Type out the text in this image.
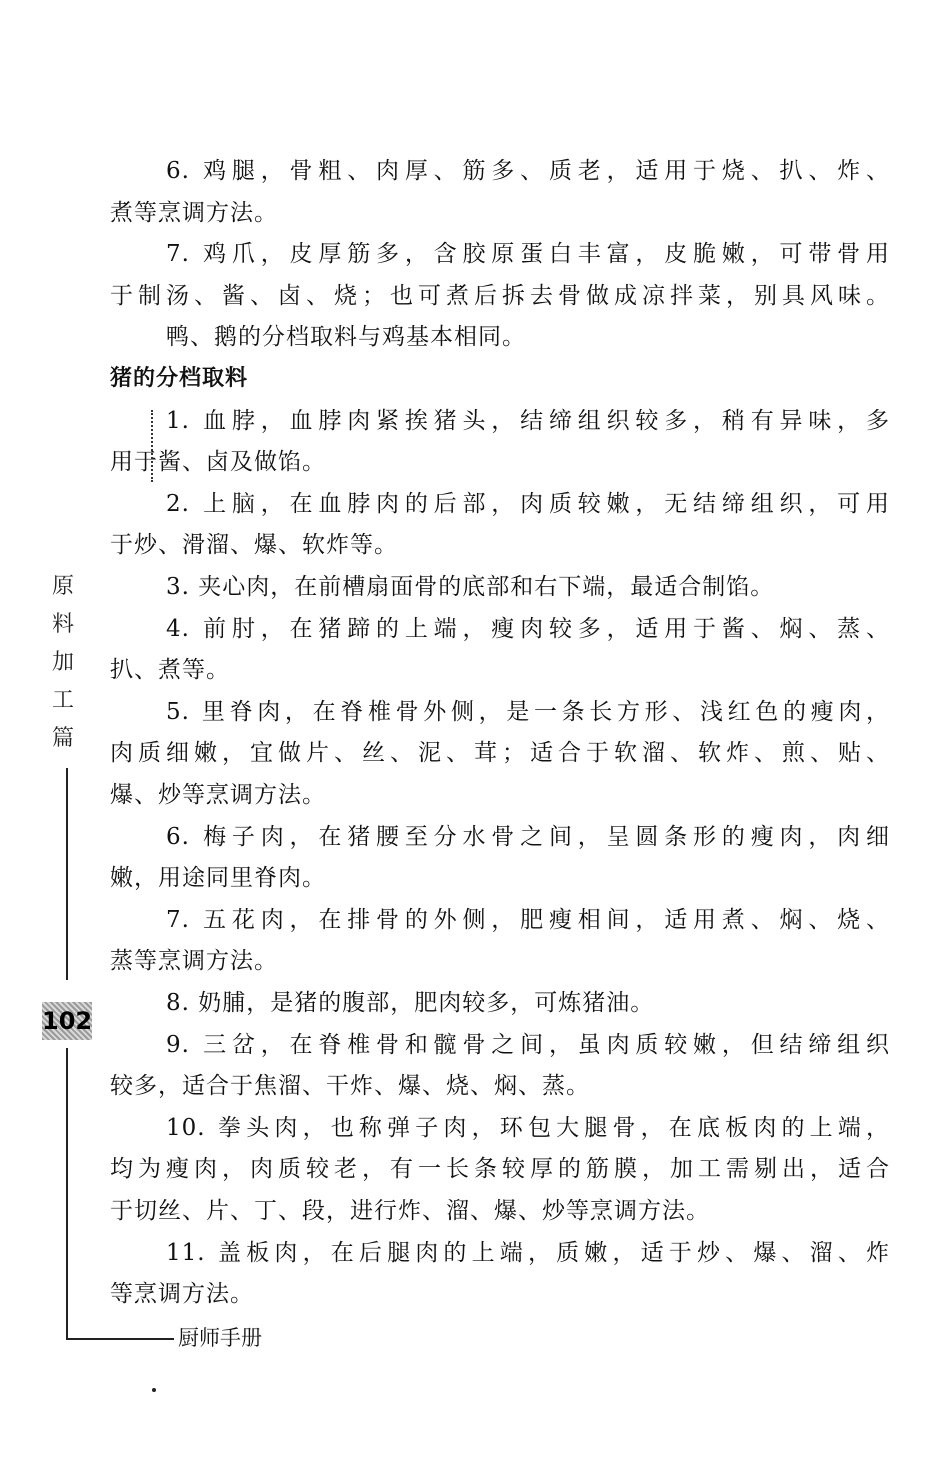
6. 鸡腿，骨粗、肉厚、筋多、质老，适用于烧、扒、炸、
煮等烹调方法。
7. 鸡爪，皮厚筋多，含胶原蛋白丰富，皮脆嫩，可带骨用
于制汤、酱、卤、烧；也可煮后拆去骨做成凉拌菜，别具风味。
鸭、鹅的分档取料与鸡基本相同。
猪的分档取料
1. 血脖，血脖肉紧挨猪头，结缔组织较多，稍有异味，多
用于酱、卤及做馅。
2. 上脑，在血脖肉的后部，肉质较嫩，无结缔组织，可用
于炒、滑溜、爆、软炸等。
3. 夹心肉，在前槽扇面骨的底部和右下端，最适合制馅。
4. 前肘，在猪蹄的上端，瘦肉较多，适用于酱、焖、蒸、
扒、煮等。
5. 里脊肉，在脊椎骨外侧，是一条长方形、浅红色的瘦肉，
肉质细嫩，宜做片、丝、泥、茸；适合于软溜、软炸、煎、贴、
爆、炒等烹调方法。
6. 梅子肉，在猪腰至分水骨之间，呈圆条形的瘦肉，肉细
嫩，用途同里脊肉。
7. 五花肉，在排骨的外侧，肥瘦相间，适用煮、焖、烧、
蒸等烹调方法。
8. 奶脯，是猪的腹部，肥肉较多，可炼猪油。
9. 三岔，在脊椎骨和髋骨之间，虽肉质较嫩，但结缔组织
较多，适合于焦溜、干炸、爆、烧、焖、蒸。
10. 拳头肉，也称弹子肉，环包大腿骨，在底板肉的上端，
均为瘦肉，肉质较老，有一长条较厚的筋膜，加工需剔出，适合
于切丝、片、丁、段，进行炸、溜、爆、炒等烹调方法。
11. 盖板肉，在后腿肉的上端，质嫩，适于炒、爆、溜、炸
等烹调方法。
原
料
加
工
篇
102
厨师手册
